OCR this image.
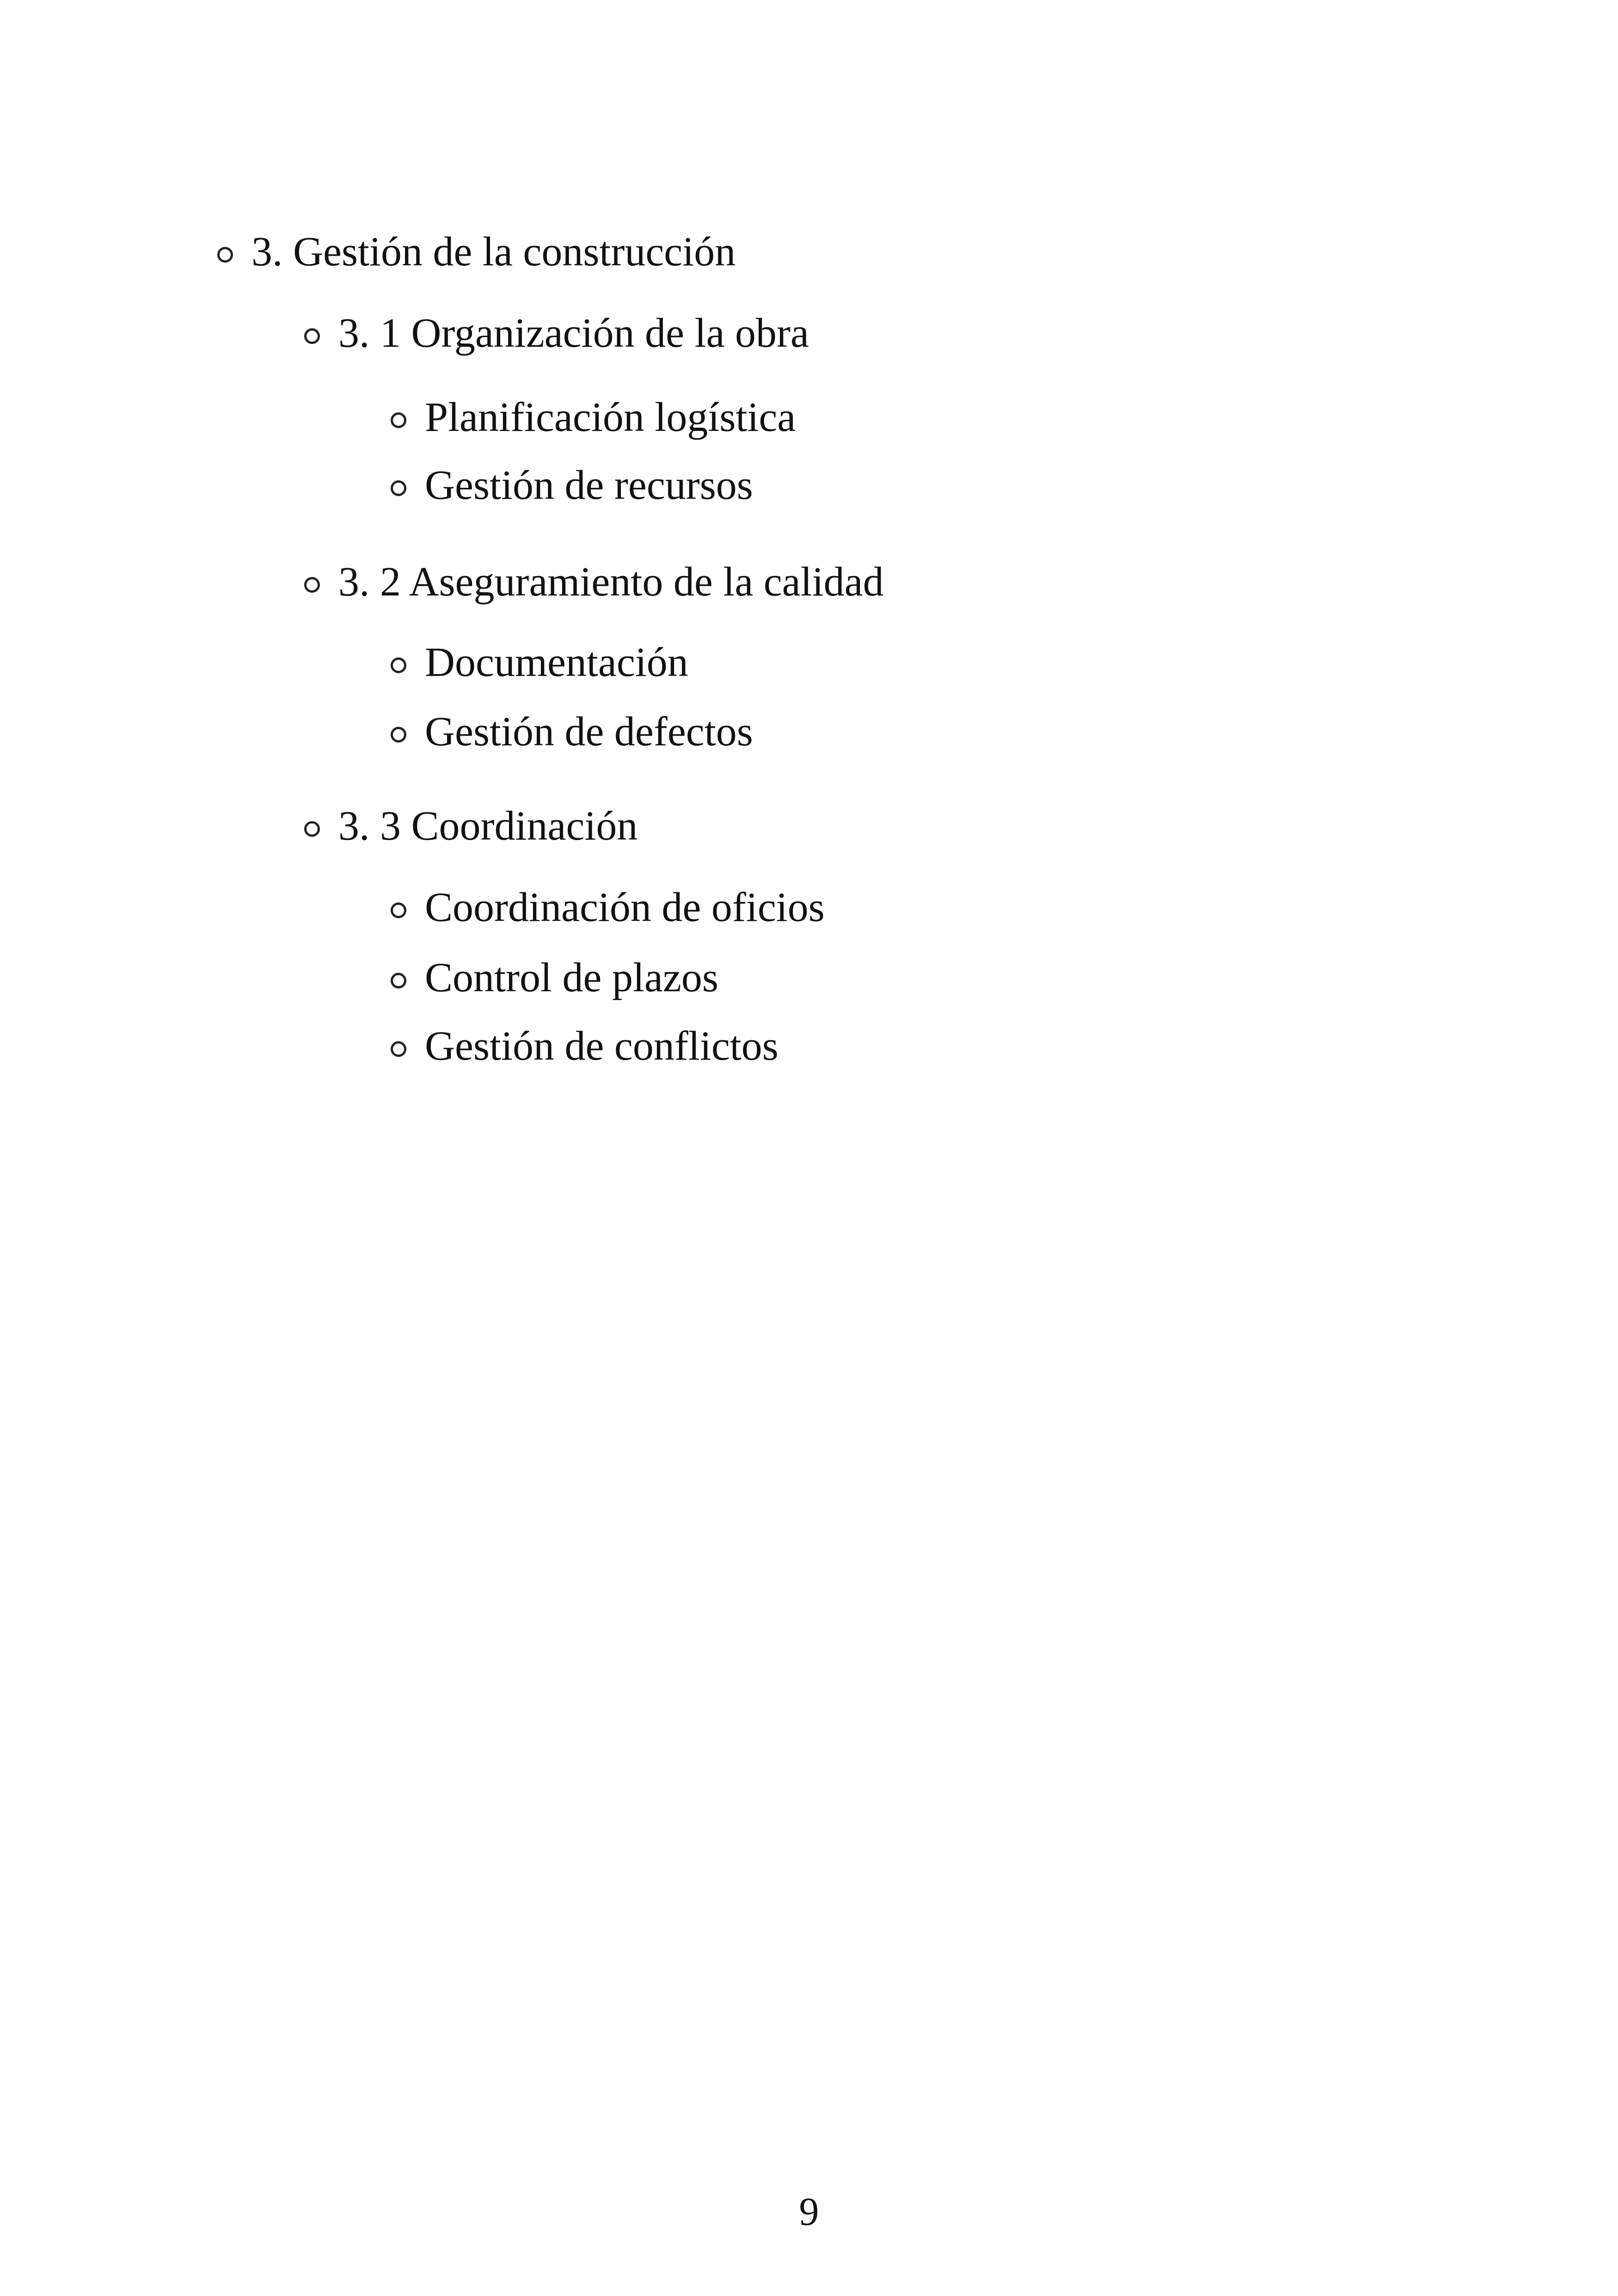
3. Gestión de la construcción
3. 1 Organización de la obra
Planificación logística
Gestión de recursos
3. 2 Aseguramiento de la calidad
Documentación
Gestión de defectos
3. 3 Coordinación
Coordinación de oficios
Control de plazos
Gestión de conflictos
9
